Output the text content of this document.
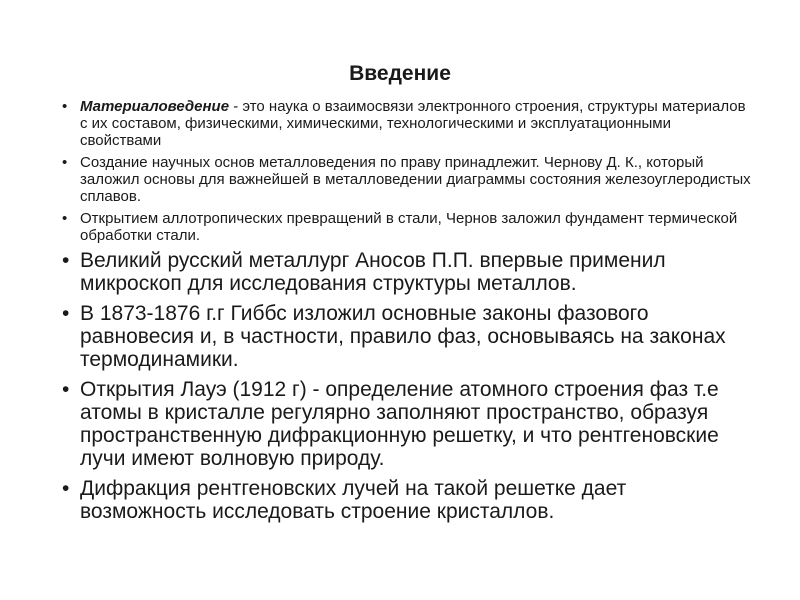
Введение
• Материаловедение - это наука о взаимосвязи электронного строения, структуры материалов с их составом, физическими, химическими, технологическими и эксплуатационными свойствами
• Создание научных основ металловедения по праву принадлежит. Чернову Д. К., который заложил основы для важнейшей в металловедении диаграммы состояния железоуглеродистых сплавов.
• Открытием аллотропических превращений в стали, Чернов заложил фундамент термической обработки стали.
• Великий русский металлург Аносов П.П. впервые применил микроскоп для исследования структуры металлов.
• В 1873-1876 г.г Гиббс изложил основные законы фазового равновесия и, в частности, правило фаз, основываясь на законах термодинамики.
• Открытия Лауэ (1912 г) - определение атомного строения фаз т.е атомы в кристалле регулярно заполняют пространство, образуя пространственную дифракционную решетку, и что рентгеновские лучи имеют волновую природу.
• Дифракция рентгеновских лучей на такой решетке дает возможность исследовать строение кристаллов.
